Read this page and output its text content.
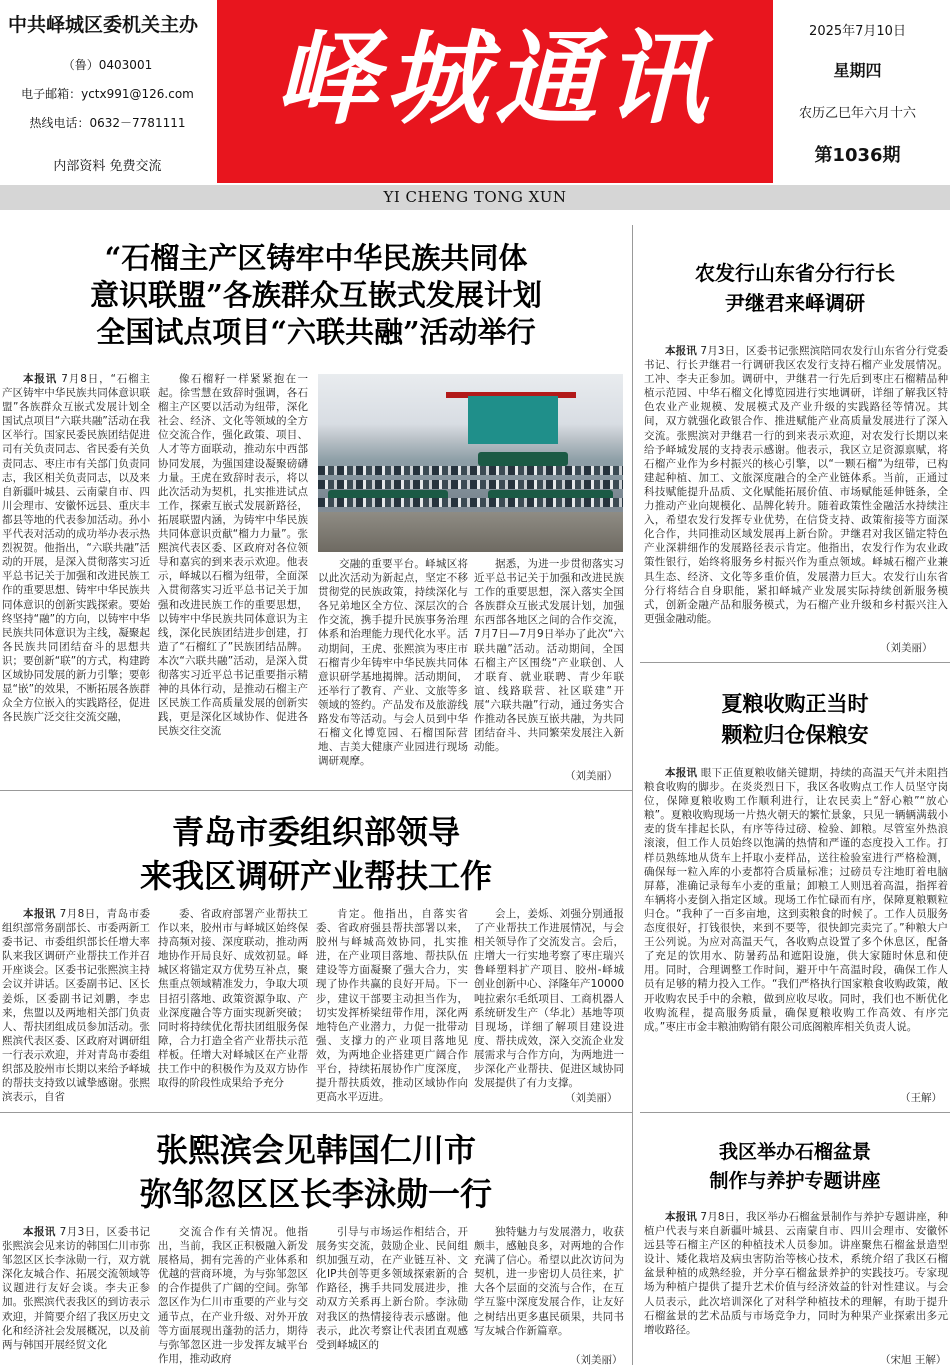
中共峄城区委机关主办
（鲁）0403001
电子邮箱：yctx991@126.com
热线电话：0632－7781111
内部资料 免费交流
峄城通讯	2025年7月10日
星期四
农历乙巳年六月十六
第1036期
YI CHENG TONG XUN
“石榴主产区铸牢中华民族共同体
意识联盟”各族群众互嵌式发展计划
全国试点项目“六联共融”活动举行

本报讯 7月8日，“石榴主产区铸牢中华民族共同体意识联盟”各族群众互嵌式发展计划全国试点项目“六联共融”活动在我区举行。国家民委民族团结促进司有关负责同志、省民委有关负责同志、枣庄市有关部门负责同志，我区相关负责同志，以及来自新疆叶城县、云南蒙自市、四川会理市、安徽怀远县、重庆丰都县等地的代表参加活动。孙小平代表对活动的成功举办表示热烈祝贺。他指出，“六联共融”活动的开展，是深入贯彻落实习近平总书记关于加强和改进民族工作的重要思想、铸牢中华民族共同体意识的创新实践探索。要始终坚持“融”的方向，以铸牢中华民族共同体意识为主线，凝聚起各民族共同团结奋斗的思想共识；要创新“联”的方式，构建跨区域协同发展的新力引擎；要彰显“嵌”的效果，不断拓展各族群众全方位嵌入的实践路径，促进各民族广泛交往交流交融，

像石榴籽一样紧紧抱在一起。徐雪慧在致辞时强调，各石榴主产区要以活动为纽带，深化社会、经济、文化等领域的全方位交流合作，强化政策、项目、人才等方面联动，推动东中西部协同发展，为强国建设凝聚磅礴力量。王虎在致辞时表示，将以此次活动为契机，扎实推进试点工作，探索互嵌式发展新路径，拓展联盟内涵，为铸牢中华民族共同体意识贡献“榴力力量”。张熙滨代表区委、区政府对各位领导和嘉宾的到来表示欢迎。他表示，峄城以石榴为纽带，全面深入贯彻落实习近平总书记关于加强和改进民族工作的重要思想，以铸牢中华民族共同体意识为主线，深化民族团结进步创建，打造了“石榴红了”民族团结品牌。本次“六联共融”活动，是深入贯彻落实习近平总书记重要指示精神的具体行动，是推动石榴主产区民族工作高质量发展的创新实践，更是深化区域协作、促进各民族交往交流

交融的重要平台。峄城区将以此次活动为新起点，坚定不移贯彻党的民族政策，持续深化与各兄弟地区全方位、深层次的合作交流，携手提升民族事务治理体系和治理能力现代化水平。活动期间，王虎、张熙滨为枣庄市石榴青少年铸牢中华民族共同体意识研学基地揭牌。活动期间，还举行了教育、产业、文旅等多领域的签约。产品发布及旅游线路发布等活动。与会人员到中华石榴文化博览园、石榴国际营地、吉美大健康产业园进行现场调研观摩。

据悉，为进一步贯彻落实习近平总书记关于加强和改进民族工作的重要思想，深入落实全国各族群众互嵌式发展计划，加强东西部各地区之间的合作交流，7月7日—7月9日举办了此次“六联共融”活动。活动期间，全国石榴主产区围绕“产业联创、人才联育、就业联聘、青少年联谊、线路联营、社区联建”开展“六联共融”行动，通过务实合作推动各民族互嵌共融，为共同团结奋斗、共同繁荣发展注入新动能。

（刘美丽）
青岛市委组织部领导
来我区调研产业帮扶工作

本报讯 7月8日，青岛市委组织部常务副部长、市委两新工委书记、市委组织部长任增大率队来我区调研产业帮扶工作并召开座谈会。区委书记张熙滨主持会议并讲话。区委副书记、区长姜烁，区委副书记刘鹏，李忠来，焦盟以及两地相关部门负责人、帮扶团组成员参加活动。张熙滨代表区委、区政府对调研组一行表示欢迎，并对青岛市委组织部及胶州市长期以来给予峄城的帮扶支持致以诚挚感谢。张熙滨表示，自省

委、省政府部署产业帮扶工作以来，胶州市与峄城区始终保持高频对接、深度联动，推动两地协作开局良好、成效初显。峄城区将锚定双方优势互补点，聚焦重点领域精准发力，争取大项目招引落地、政策资源争取、产业深度融合等方面实现新突破；同时将持续优化帮扶团组服务保障，合力打造全省产业帮扶示范样板。任增大对峄城区在产业帮扶工作中的积极作为及双方协作取得的阶段性成果给予充分

肯定。他指出，自落实省委、省政府强县帮扶部署以来，胶州与峄城高效协同，扎实推进，在产业项目落地、帮扶队伍建设等方面凝聚了强大合力，实现了协作共赢的良好开局。下一步，建议干部要主动担当作为，切实发挥桥梁纽带作用，深化两地特色产业潜力，力促一批带动强、支撑力的产业项目落地见效，为两地企业搭建更广阔合作平台，持续拓展协作广度深度，提升帮扶质效，推动区域协作向更高水平迈进。

会上，姜烁、刘强分别通报了产业帮扶工作进展情况，与会相关领导作了交流发言。会后，庄增大一行实地考察了枣庄瑞兴鲁峄塑料扩产项目、胶州-峄城创业创新中心、泽隆年产10000吨拉索尔毛纸项目、工商机器人系统研发生产（华北）基地等项目现场，详细了解项目建设进度、帮扶成效，深入交流企业发展需求与合作方向，为两地进一步深化产业帮扶、促进区域协同发展提供了有力支撑。

（刘美丽）
张熙滨会见韩国仁川市
弥邹忽区区长李泳勋一行

本报讯 7月3日，区委书记张熙滨会见来访的韩国仁川市弥邹忽区区长李泳勋一行，双方就深化友城合作、拓展交流领域等议题进行友好会谈。李夫正参加。张熙滨代表我区的到访表示欢迎，并简要介绍了我区历史文化和经济社会发展概况，以及前两与韩国开展经贸文化

交流合作有关情况。他指出，当前，我区正积极融入新发展格局，拥有完善的产业体系和优越的营商环境，为与弥邹忽区的合作提供了广阔的空间。弥邹忽区作为仁川市重要的产业与交通节点，在产业升级、对外开放等方面展现出蓬勃的活力，期待与弥邹忽区进一步发挥友城平台作用，推动政府

引导与市场运作相结合，开展务实交流，鼓励企业、民间组织加强互动，在产业链互补、文化IP共创等更多领域探索新的合作路径，携手共同发展进步，推动双方关系再上新台阶。李泳勋对我区的热情接待表示感谢。他表示，此次考察让代表团直观感受到峄城区的

独特魅力与发展潜力，收获颇丰，感触良多，对两地的合作充满了信心。希望以此次访问为契机，进一步密切人员往来，扩大各个层面的交流与合作，在互学互鉴中深度发展合作，让友好之树结出更多惠民硕果，共同书写友城合作新篇章。

（刘美丽）
农发行山东省分行行长
尹继君来峄调研

本报讯 7月3日，区委书记张熙滨陪同农发行山东省分行党委书记、行长尹继君一行调研我区农发行支持石榴产业发展情况。工冲、李夫正参加。调研中，尹继君一行先后到枣庄石榴精品种植示范园、中华石榴文化博览园进行实地调研，详细了解我区特色农业产业规模、发展模式及产业升级的实践路径等情况。其间，双方就强化政银合作、推进赋能产业高质量发展进行了深入交流。张熙滨对尹继君一行的到来表示欢迎，对农发行长期以来给予峄城发展的支持表示感谢。他表示，我区立足资源禀赋，将石榴产业作为乡村振兴的核心引擎，以“一颗石榴”为纽带，已构建起种植、加工、文旅深度融合的全产业链体系。当前，正通过科技赋能提升品质、文化赋能拓展价值、市场赋能延伸链条，全力推动产业向规模化、品牌化转升。随着政策性金融活水持续注入，希望农发行发挥专业优势，在信贷支持、政策衔接等方面深化合作，共同推动区域发展再上新台阶。尹继君对我区锚定特色产业深耕细作的发展路径表示肯定。他指出，农发行作为农业政策性银行，始终将服务乡村振兴作为重点领域。峄城石榴产业兼具生态、经济、文化等多重价值，发展潜力巨大。农发行山东省分行将结合自身职能，紧扣峄城产业发展实际持续创新服务模式，创新金融产品和服务模式，为石榴产业升级和乡村振兴注入更强金融动能。

（刘美丽）
夏粮收购正当时
颗粒归仓保粮安

本报讯 眼下正值夏粮收储关键期，持续的高温天气并未阻挡粮食收购的脚步。在炎炎烈日下，我区各收购点工作人员坚守岗位，保障夏粮收购工作顺利进行，让农民卖上“舒心粮”“放心粮”。夏粮收购现场一片热火朝天的繁忙景象，只见一辆辆满载小麦的货车排起长队，有序等待过磅、检验、卸粮。尽管室外热浪滚滚，但工作人员始终以饱满的热情和严谨的态度投入工作。打样员熟练地从货车上扦取小麦样品，送往检验室进行严格检测，确保每一粒入库的小麦都符合质量标准；过磅员专注地盯着电脑屏幕，准确记录每车小麦的重量；卸粮工人则迅着高温，指挥着车辆将小麦倒入指定区域。现场工作忙碌而有序，保障夏粮颗粒归仓。“我种了一百多亩地，这到卖粮食的时候了。工作人员服务态度很好，打钱很快，来到不要等，很快卸完卖完了。”种粮大户王公列说。为应对高温天气，各收购点设置了多个休息区，配备了充足的饮用水、防暑药品和遮阳设施，供大家随时休息和使用。同时，合理调整工作时间，避开中午高温时段，确保工作人员有足够的精力投入工作。“我们严格执行国家粮食收购政策，敞开收购农民手中的余粮，做到应收尽收。同时，我们也不断优化收购流程，提高服务质量，确保夏粮收购工作高效、有序完成。”枣庄市金丰粮油购销有限公司底阁粮库相关负责人说。

（王解）
我区举办石榴盆景
制作与养护专题讲座

本报讯 7月8日，我区举办石榴盆景制作与养护专题讲座，种植户代表与来自新疆叶城县、云南蒙自市、四川会理市、安徽怀远县等石榴主产区的种植技术人员参加。讲座聚焦石榴盆景造型设计、矮化栽培及病虫害防治等核心技术，系统介绍了我区石榴盆景种植的成熟经验，并分享石榴盆景养护的实践技巧。专家现场为种植户提供了提升艺术价值与经济效益的针对性建议。与会人员表示，此次培训深化了对科学种植技术的理解，有助于提升石榴盆景的艺术品质与市场竞争力，同时为种果产业探索出多元增收路径。

（宋旭 王解）
